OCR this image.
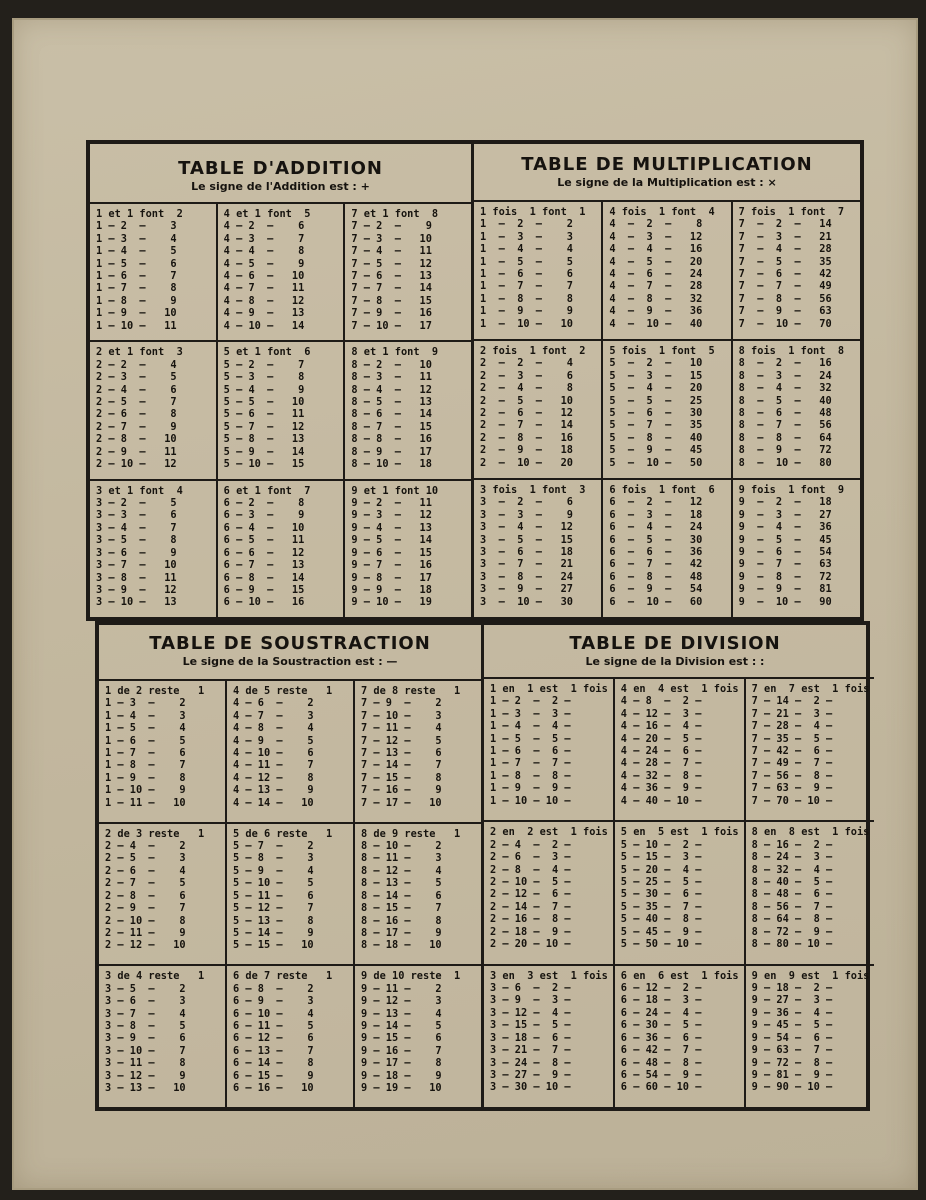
TABLE D'ADDITION
Le signe de l'Addition est : +
1 et 1 font  2
1 — 2  —    3
1 — 3  —    4
1 — 4  —    5
1 — 5  —    6
1 — 6  —    7
1 — 7  —    8
1 — 8  —    9
1 — 9  —   10
1 — 10 —   11
2 et 1 font  3
2 — 2  —    4
2 — 3  —    5
2 — 4  —    6
2 — 5  —    7
2 — 6  —    8
2 — 7  —    9
2 — 8  —   10
2 — 9  —   11
2 — 10 —   12
3 et 1 font  4
3 — 2  —    5
3 — 3  —    6
3 — 4  —    7
3 — 5  —    8
3 — 6  —    9
3 — 7  —   10
3 — 8  —   11
3 — 9  —   12
3 — 10 —   13
4 et 1 font  5
4 — 2  —    6
4 — 3  —    7
4 — 4  —    8
4 — 5  —    9
4 — 6  —   10
4 — 7  —   11
4 — 8  —   12
4 — 9  —   13
4 — 10 —   14
5 et 1 font  6
5 — 2  —    7
5 — 3  —    8
5 — 4  —    9
5 — 5  —   10
5 — 6  —   11
5 — 7  —   12
5 — 8  —   13
5 — 9  —   14
5 — 10 —   15
6 et 1 font  7
6 — 2  —    8
6 — 3  —    9
6 — 4  —   10
6 — 5  —   11
6 — 6  —   12
6 — 7  —   13
6 — 8  —   14
6 — 9  —   15
6 — 10 —   16
7 et 1 font  8
7 — 2  —    9
7 — 3  —   10
7 — 4  —   11
7 — 5  —   12
7 — 6  —   13
7 — 7  —   14
7 — 8  —   15
7 — 9  —   16
7 — 10 —   17
8 et 1 font  9
8 — 2  —   10
8 — 3  —   11
8 — 4  —   12
8 — 5  —   13
8 — 6  —   14
8 — 7  —   15
8 — 8  —   16
8 — 9  —   17
8 — 10 —   18
9 et 1 font 10
9 — 2  —   11
9 — 3  —   12
9 — 4  —   13
9 — 5  —   14
9 — 6  —   15
9 — 7  —   16
9 — 8  —   17
9 — 9  —   18
9 — 10 —   19
TABLE DE MULTIPLICATION
Le signe de la Multiplication est : ×
1 fois  1 font  1
1  —  2  —    2
1  —  3  —    3
1  —  4  —    4
1  —  5  —    5
1  —  6  —    6
1  —  7  —    7
1  —  8  —    8
1  —  9  —    9
1  —  10 —   10
2 fois  1 font  2
2  —  2  —    4
2  —  3  —    6
2  —  4  —    8
2  —  5  —   10
2  —  6  —   12
2  —  7  —   14
2  —  8  —   16
2  —  9  —   18
2  —  10 —   20
3 fois  1 font  3
3  —  2  —    6
3  —  3  —    9
3  —  4  —   12
3  —  5  —   15
3  —  6  —   18
3  —  7  —   21
3  —  8  —   24
3  —  9  —   27
3  —  10 —   30
4 fois  1 font  4
4  —  2  —    8
4  —  3  —   12
4  —  4  —   16
4  —  5  —   20
4  —  6  —   24
4  —  7  —   28
4  —  8  —   32
4  —  9  —   36
4  —  10 —   40
5 fois  1 font  5
5  —  2  —   10
5  —  3  —   15
5  —  4  —   20
5  —  5  —   25
5  —  6  —   30
5  —  7  —   35
5  —  8  —   40
5  —  9  —   45
5  —  10 —   50
6 fois  1 font  6
6  —  2  —   12
6  —  3  —   18
6  —  4  —   24
6  —  5  —   30
6  —  6  —   36
6  —  7  —   42
6  —  8  —   48
6  —  9  —   54
6  —  10 —   60
7 fois  1 font  7
7  —  2  —   14
7  —  3  —   21
7  —  4  —   28
7  —  5  —   35
7  —  6  —   42
7  —  7  —   49
7  —  8  —   56
7  —  9  —   63
7  —  10 —   70
8 fois  1 font  8
8  —  2  —   16
8  —  3  —   24
8  —  4  —   32
8  —  5  —   40
8  —  6  —   48
8  —  7  —   56
8  —  8  —   64
8  —  9  —   72
8  —  10 —   80
9 fois  1 font  9
9  —  2  —   18
9  —  3  —   27
9  —  4  —   36
9  —  5  —   45
9  —  6  —   54
9  —  7  —   63
9  —  8  —   72
9  —  9  —   81
9  —  10 —   90
TABLE DE SOUSTRACTION
Le signe de la Soustraction est : —
1 de 2 reste   1
1 — 3  —    2
1 — 4  —    3
1 — 5  —    4
1 — 6  —    5
1 — 7  —    6
1 — 8  —    7
1 — 9  —    8
1 — 10 —    9
1 — 11 —   10
2 de 3 reste   1
2 — 4  —    2
2 — 5  —    3
2 — 6  —    4
2 — 7  —    5
2 — 8  —    6
2 — 9  —    7
2 — 10 —    8
2 — 11 —    9
2 — 12 —   10
3 de 4 reste   1
3 — 5  —    2
3 — 6  —    3
3 — 7  —    4
3 — 8  —    5
3 — 9  —    6
3 — 10 —    7
3 — 11 —    8
3 — 12 —    9
3 — 13 —   10
4 de 5 reste   1
4 — 6  —    2
4 — 7  —    3
4 — 8  —    4
4 — 9  —    5
4 — 10 —    6
4 — 11 —    7
4 — 12 —    8
4 — 13 —    9
4 — 14 —   10
5 de 6 reste   1
5 — 7  —    2
5 — 8  —    3
5 — 9  —    4
5 — 10 —    5
5 — 11 —    6
5 — 12 —    7
5 — 13 —    8
5 — 14 —    9
5 — 15 —   10
6 de 7 reste   1
6 — 8  —    2
6 — 9  —    3
6 — 10 —    4
6 — 11 —    5
6 — 12 —    6
6 — 13 —    7
6 — 14 —    8
6 — 15 —    9
6 — 16 —   10
7 de 8 reste   1
7 — 9  —    2
7 — 10 —    3
7 — 11 —    4
7 — 12 —    5
7 — 13 —    6
7 — 14 —    7
7 — 15 —    8
7 — 16 —    9
7 — 17 —   10
8 de 9 reste   1
8 — 10 —    2
8 — 11 —    3
8 — 12 —    4
8 — 13 —    5
8 — 14 —    6
8 — 15 —    7
8 — 16 —    8
8 — 17 —    9
8 — 18 —   10
9 de 10 reste  1
9 — 11 —    2
9 — 12 —    3
9 — 13 —    4
9 — 14 —    5
9 — 15 —    6
9 — 16 —    7
9 — 17 —    8
9 — 18 —    9
9 — 19 —   10
TABLE DE DIVISION
Le signe de la Division est : :
1 en  1 est  1 fois
1 — 2  —  2 —
1 — 3  —  3 —
1 — 4  —  4 —
1 — 5  —  5 —
1 — 6  —  6 —
1 — 7  —  7 —
1 — 8  —  8 —
1 — 9  —  9 —
1 — 10 — 10 —
2 en  2 est  1 fois
2 — 4  —  2 —
2 — 6  —  3 —
2 — 8  —  4 —
2 — 10 —  5 —
2 — 12 —  6 —
2 — 14 —  7 —
2 — 16 —  8 —
2 — 18 —  9 —
2 — 20 — 10 —
3 en  3 est  1 fois
3 — 6  —  2 —
3 — 9  —  3 —
3 — 12 —  4 —
3 — 15 —  5 —
3 — 18 —  6 —
3 — 21 —  7 —
3 — 24 —  8 —
3 — 27 —  9 —
3 — 30 — 10 —
4 en  4 est  1 fois
4 — 8  —  2 —
4 — 12 —  3 —
4 — 16 —  4 —
4 — 20 —  5 —
4 — 24 —  6 —
4 — 28 —  7 —
4 — 32 —  8 —
4 — 36 —  9 —
4 — 40 — 10 —
5 en  5 est  1 fois
5 — 10 —  2 —
5 — 15 —  3 —
5 — 20 —  4 —
5 — 25 —  5 —
5 — 30 —  6 —
5 — 35 —  7 —
5 — 40 —  8 —
5 — 45 —  9 —
5 — 50 — 10 —
6 en  6 est  1 fois
6 — 12 —  2 —
6 — 18 —  3 —
6 — 24 —  4 —
6 — 30 —  5 —
6 — 36 —  6 —
6 — 42 —  7 —
6 — 48 —  8 —
6 — 54 —  9 —
6 — 60 — 10 —
7 en  7 est  1 fois
7 — 14 —  2 —
7 — 21 —  3 —
7 — 28 —  4 —
7 — 35 —  5 —
7 — 42 —  6 —
7 — 49 —  7 —
7 — 56 —  8 —
7 — 63 —  9 —
7 — 70 — 10 —
8 en  8 est  1 fois
8 — 16 —  2 —
8 — 24 —  3 —
8 — 32 —  4 —
8 — 40 —  5 —
8 — 48 —  6 —
8 — 56 —  7 —
8 — 64 —  8 —
8 — 72 —  9 —
8 — 80 — 10 —
9 en  9 est  1 fois
9 — 18 —  2 —
9 — 27 —  3 —
9 — 36 —  4 —
9 — 45 —  5 —
9 — 54 —  6 —
9 — 63 —  7 —
9 — 72 —  8 —
9 — 81 —  9 —
9 — 90 — 10 —
